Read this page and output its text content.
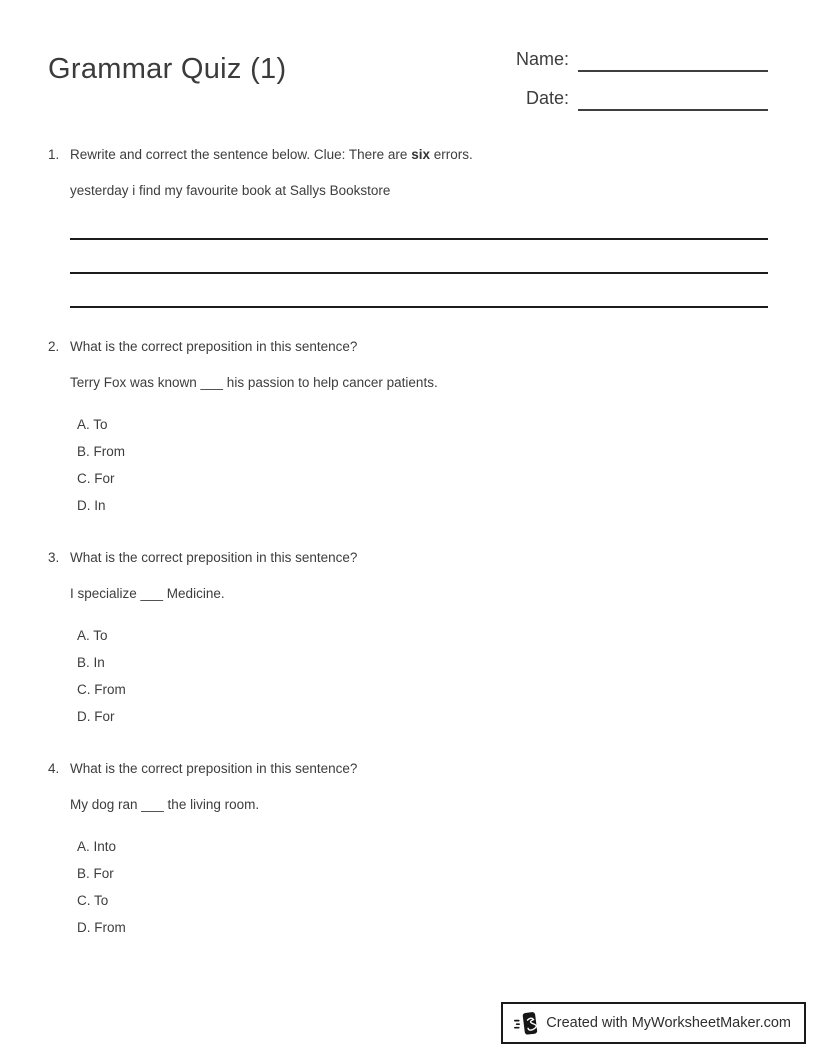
Grammar Quiz (1)	Name:
Date:
1. Rewrite and correct the sentence below. Clue: There are six errors.

yesterday i find my favourite book at Sallys Bookstore

2. What is the correct preposition in this sentence?

Terry Fox was known ___ his passion to help cancer patients.

A. To
B. From
C. For
D. In
3. What is the correct preposition in this sentence?

I specialize ___ Medicine.

A. To
B. In
C. From
D. For
4. What is the correct preposition in this sentence?

My dog ran ___ the living room.

A. Into
B. For
C. To
D. From
Created with MyWorksheetMaker.com
